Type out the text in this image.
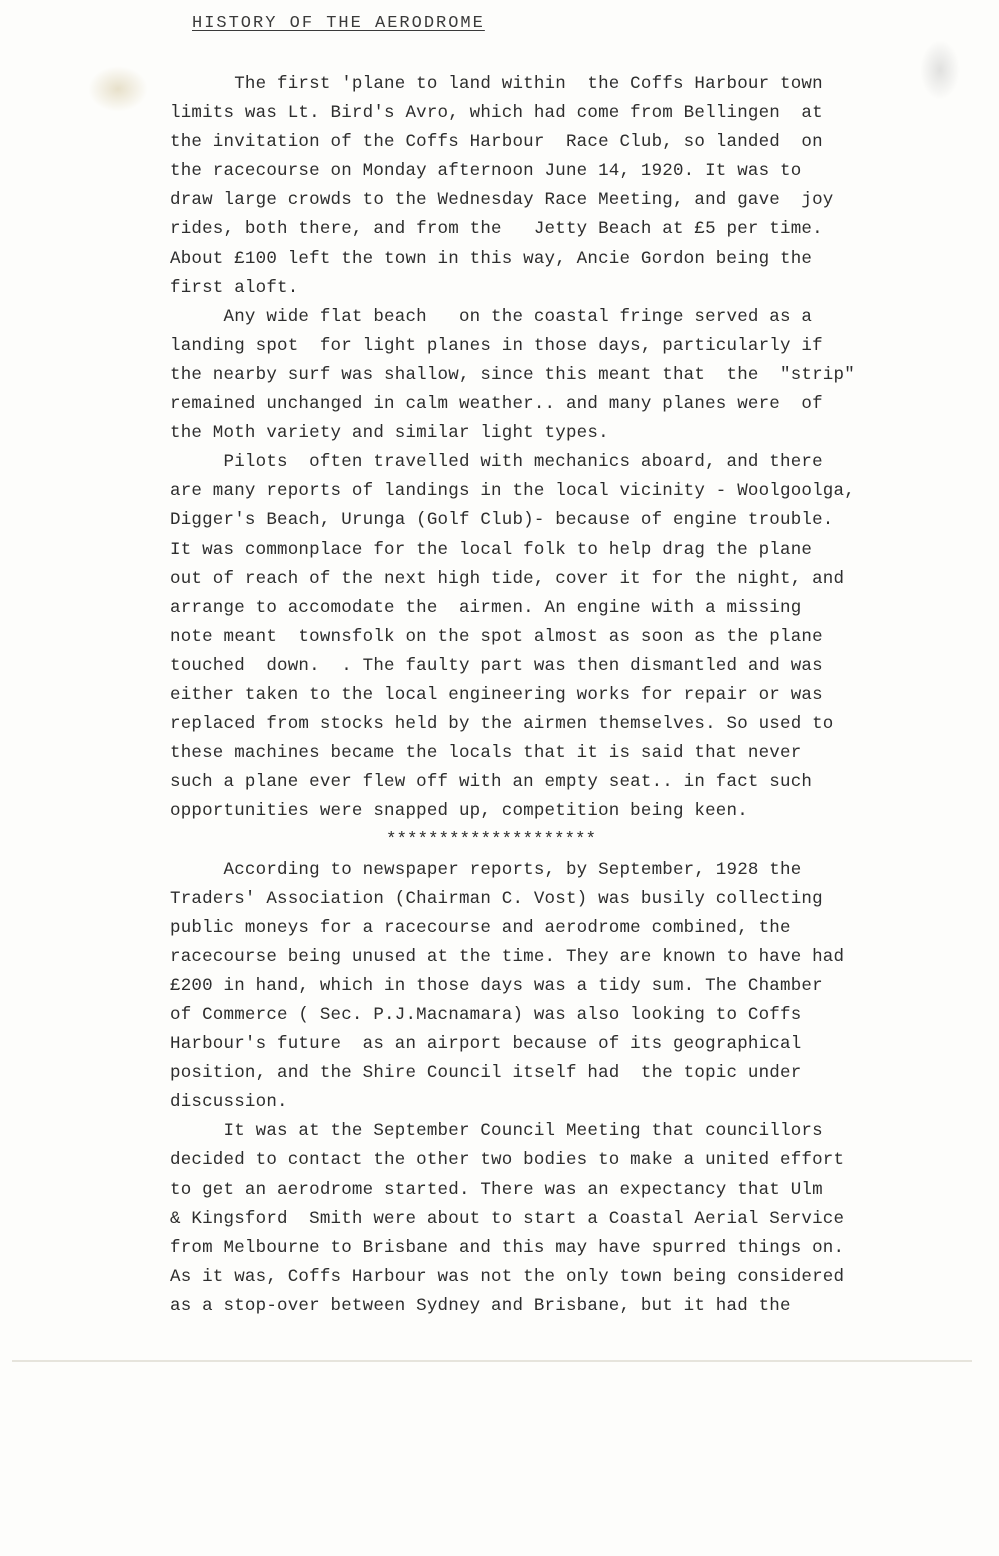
HISTORY OF THE AERODROME
The first 'plane to land within  the Coffs Harbour town
limits was Lt. Bird's Avro, which had come from Bellingen  at
the invitation of the Coffs Harbour  Race Club, so landed  on
the racecourse on Monday afternoon June 14, 1920. It was to
draw large crowds to the Wednesday Race Meeting, and gave  joy
rides, both there, and from the   Jetty Beach at £5 per time.
About £100 left the town in this way, Ancie Gordon being the
first aloft.
Any wide flat beach   on the coastal fringe served as a
landing spot  for light planes in those days, particularly if
the nearby surf was shallow, since this meant that  the  "strip"
remained unchanged in calm weather.. and many planes were  of
the Moth variety and similar light types.
Pilots  often travelled with mechanics aboard, and there
are many reports of landings in the local vicinity - Woolgoolga,
Digger's Beach, Urunga (Golf Club)- because of engine trouble.
It was commonplace for the local folk to help drag the plane
out of reach of the next high tide, cover it for the night, and
arrange to accomodate the  airmen. An engine with a missing
note meant  townsfolk on the spot almost as soon as the plane
touched  down.  . The faulty part was then dismantled and was
either taken to the local engineering works for repair or was
replaced from stocks held by the airmen themselves. So used to
these machines became the locals that it is said that never
such a plane ever flew off with an empty seat.. in fact such
opportunities were snapped up, competition being keen.
********************
According to newspaper reports, by September, 1928 the
Traders' Association (Chairman C. Vost) was busily collecting
public moneys for a racecourse and aerodrome combined, the
racecourse being unused at the time. They are known to have had
£200 in hand, which in those days was a tidy sum. The Chamber
of Commerce ( Sec. P.J.Macnamara) was also looking to Coffs
Harbour's future  as an airport because of its geographical
position, and the Shire Council itself had  the topic under
discussion.
It was at the September Council Meeting that councillors
decided to contact the other two bodies to make a united effort
to get an aerodrome started. There was an expectancy that Ulm
& Kingsford  Smith were about to start a Coastal Aerial Service
from Melbourne to Brisbane and this may have spurred things on.
As it was, Coffs Harbour was not the only town being considered
as a stop-over between Sydney and Brisbane, but it had the
